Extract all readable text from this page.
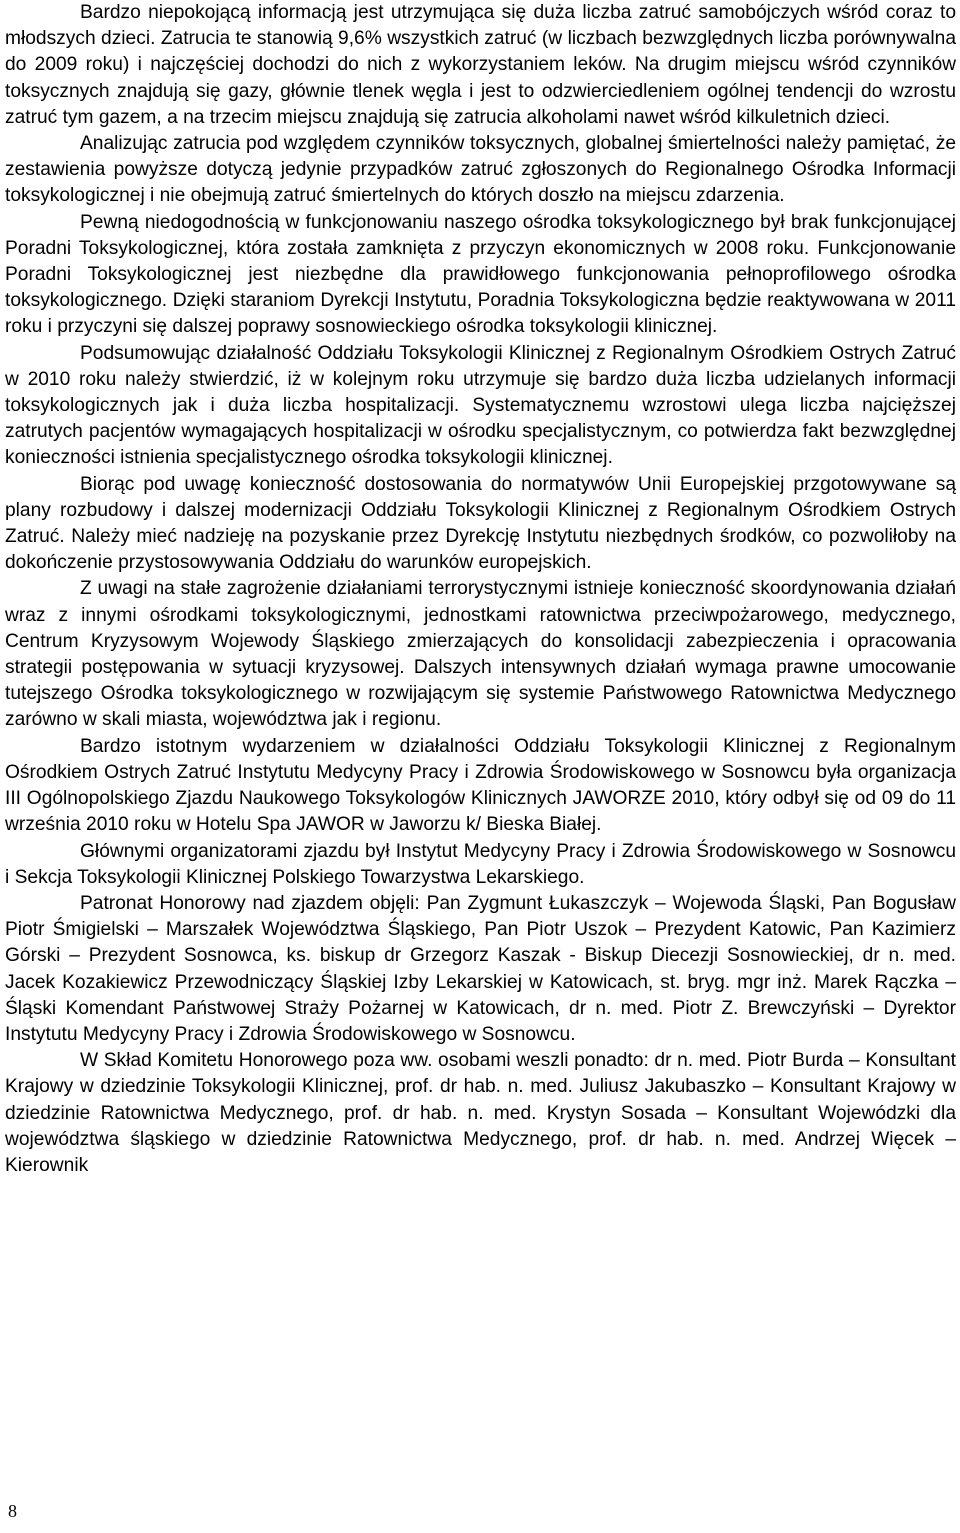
Bardzo niepokojącą informacją jest utrzymująca się duża liczba zatruć samobójczych wśród coraz to młodszych dzieci. Zatrucia te stanowią 9,6% wszystkich zatruć (w liczbach bezwzględnych liczba porównywalna do 2009 roku) i najczęściej dochodzi do nich z wykorzystaniem leków. Na drugim miejscu wśród czynników toksycznych znajdują się gazy, głównie tlenek węgla i jest to odzwierciedleniem ogólnej tendencji do wzrostu zatruć tym gazem, a na trzecim miejscu znajdują się zatrucia alkoholami nawet wśród kilkuletnich dzieci.

Analizując zatrucia pod względem czynników toksycznych, globalnej śmiertelności należy pamiętać, że zestawienia powyższe dotyczą jedynie przypadków zatruć zgłoszonych do Regionalnego Ośrodka Informacji toksykologicznej i nie obejmują zatruć śmiertelnych do których doszło na miejscu zdarzenia.

Pewną niedogodnością w funkcjonowaniu naszego ośrodka toksykologicznego był brak funkcjonującej Poradni Toksykologicznej, która została zamknięta z przyczyn ekonomicznych w 2008 roku. Funkcjonowanie Poradni Toksykologicznej jest niezbędne dla prawidłowego funkcjonowania pełnoprofilowego ośrodka toksykologicznego. Dzięki staraniom Dyrekcji Instytutu, Poradnia Toksykologiczna będzie reaktywowana w 2011 roku i przyczyni się dalszej poprawy sosnowieckiego ośrodka toksykologii klinicznej.

Podsumowując działalność Oddziału Toksykologii Klinicznej z Regionalnym Ośrodkiem Ostrych Zatruć w 2010 roku należy stwierdzić, iż w kolejnym roku utrzymuje się bardzo duża liczba udzielanych informacji toksykologicznych jak i duża liczba hospitalizacji. Systematycznemu wzrostowi ulega liczba najcięższej zatrutych pacjentów wymagających hospitalizacji w ośrodku specjalistycznym, co potwierdza fakt bezwzględnej konieczności istnienia specjalistycznego ośrodka toksykologii klinicznej.

Biorąc pod uwagę konieczność dostosowania do normatywów Unii Europejskiej przgotowywane są plany rozbudowy i dalszej modernizacji Oddziału Toksykologii Klinicznej z Regionalnym Ośrodkiem Ostrych Zatruć. Należy mieć nadzieję na pozyskanie przez Dyrekcję Instytutu niezbędnych środków, co pozwoliłoby na dokończenie przystosowywania Oddziału do warunków europejskich.

Z uwagi na stałe zagrożenie działaniami terrorystycznymi istnieje konieczność skoordynowania działań wraz z innymi ośrodkami toksykologicznymi, jednostkami ratownictwa przeciwpożarowego, medycznego, Centrum Kryzysowym Wojewody Śląskiego zmierzających do konsolidacji zabezpieczenia i opracowania strategii postępowania w sytuacji kryzysowej. Dalszych intensywnych działań wymaga prawne umocowanie tutejszego Ośrodka toksykologicznego w rozwijającym się systemie Państwowego Ratownictwa Medycznego zarówno w skali miasta, województwa jak i regionu.

Bardzo istotnym wydarzeniem w działalności Oddziału Toksykologii Klinicznej z Regionalnym Ośrodkiem Ostrych Zatruć Instytutu Medycyny Pracy i Zdrowia Środowiskowego w Sosnowcu była organizacja III Ogólnopolskiego Zjazdu Naukowego Toksykologów Klinicznych JAWORZE 2010, który odbył się od 09 do 11 września 2010 roku w Hotelu Spa JAWOR w Jaworzu k/ Bieska Białej.

Głównymi organizatorami zjazdu był Instytut Medycyny Pracy i Zdrowia Środowiskowego w Sosnowcu i Sekcja Toksykologii Klinicznej Polskiego Towarzystwa Lekarskiego.

Patronat Honorowy nad zjazdem objęli: Pan Zygmunt Łukaszczyk – Wojewoda Śląski, Pan Bogusław Piotr Śmigielski – Marszałek Województwa Śląskiego, Pan Piotr Uszok – Prezydent Katowic, Pan Kazimierz Górski – Prezydent Sosnowca, ks. biskup dr Grzegorz Kaszak - Biskup Diecezji Sosnowieckiej, dr n. med. Jacek Kozakiewicz Przewodniczący Śląskiej Izby Lekarskiej w Katowicach, st. bryg. mgr inż. Marek Rączka – Śląski Komendant Państwowej Straży Pożarnej w Katowicach, dr n. med. Piotr Z. Brewczyński – Dyrektor Instytutu Medycyny Pracy i Zdrowia Środowiskowego w Sosnowcu.

W Skład Komitetu Honorowego poza ww. osobami weszli ponadto: dr n. med. Piotr Burda – Konsultant Krajowy w dziedzinie Toksykologii Klinicznej, prof. dr hab. n. med. Juliusz Jakubaszko – Konsultant Krajowy w dziedzinie Ratownictwa Medycznego, prof. dr hab. n. med. Krystyn Sosada – Konsultant Wojewódzki dla województwa śląskiego w dziedzinie Ratownictwa Medycznego, prof. dr hab. n. med. Andrzej Więcek – Kierownik

8
